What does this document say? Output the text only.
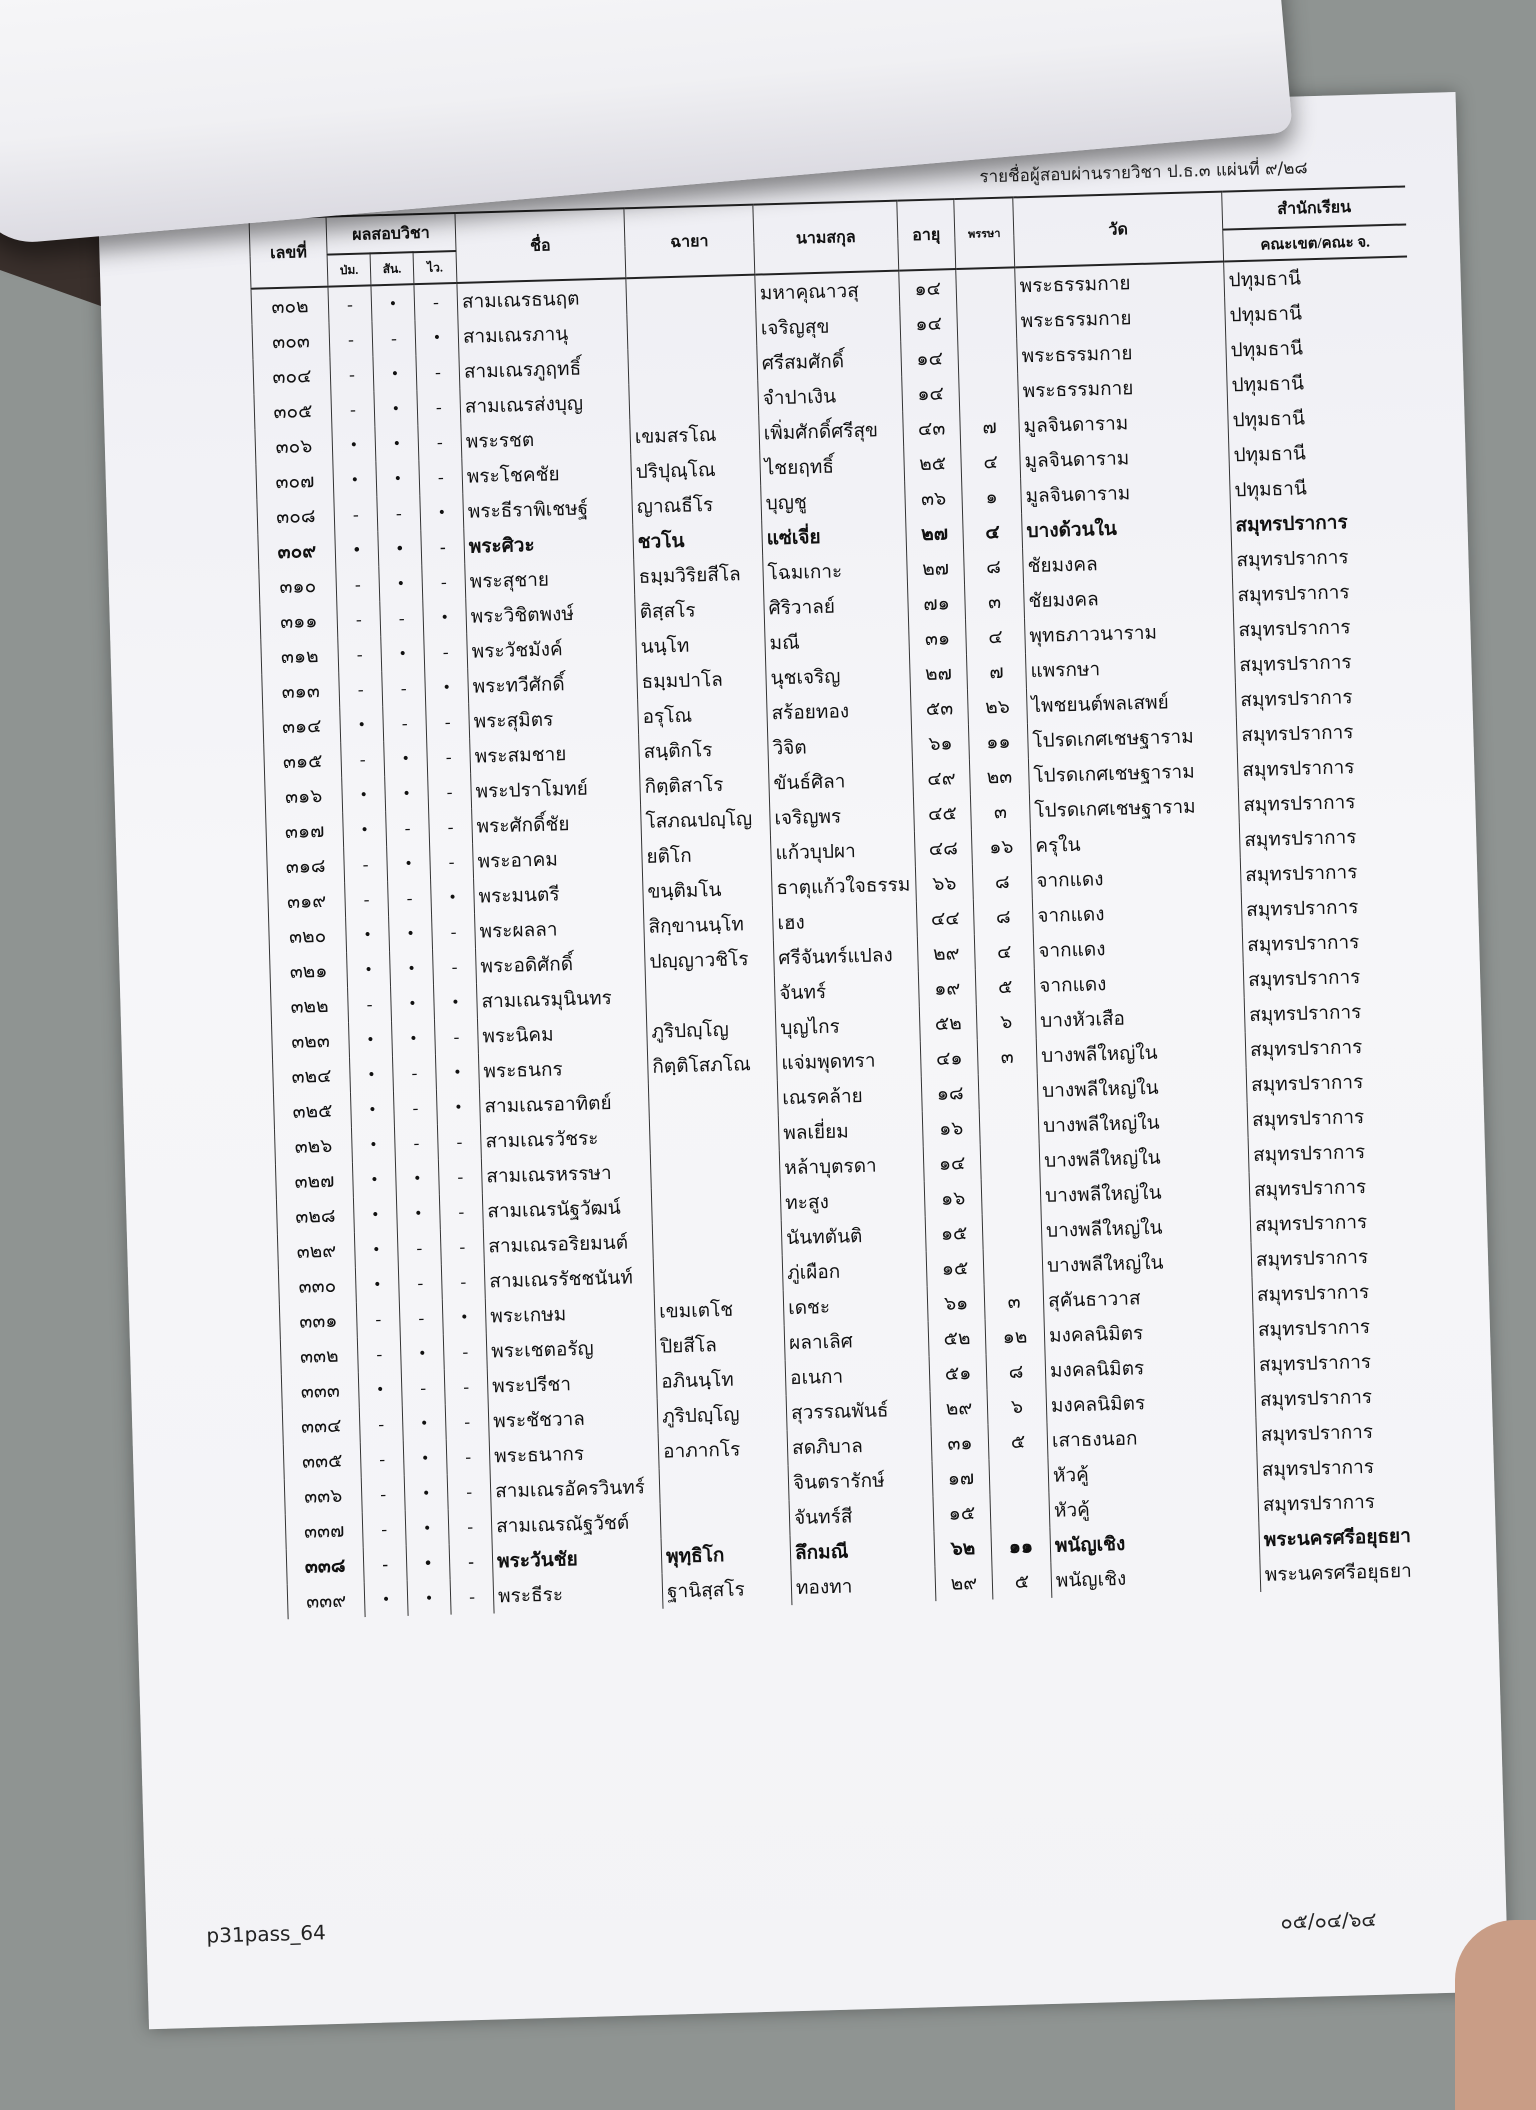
รายชื่อผู้สอบผ่านรายวิชา ป.ธ.๓ แผ่นที่ ๙/๒๘
เลขที่	ผลสอบวิชา			ชื่อ	ฉายา	นามสกุล	อายุ	พรรษา	วัด	สำนักเรียน
	ป่ม.	สัน.	ไว.							คณะเขต/คณะ จ.
๓๐๒	-	•	-	สามเณรธนฤต		มหาคุณาวสุ	๑๔		พระธรรมกาย	ปทุมธานี
๓๐๓	-	-	•	สามเณรภานุ		เจริญสุข	๑๔		พระธรรมกาย	ปทุมธานี
๓๐๔	-	•	-	สามเณรภูฤทธิ์		ศรีสมศักดิ์	๑๔		พระธรรมกาย	ปทุมธานี
๓๐๕	-	•	-	สามเณรส่งบุญ		จำปาเงิน	๑๔		พระธรรมกาย	ปทุมธานี
๓๐๖	•	•	-	พระรชต	เขมสรโณ	เพิ่มศักดิ์ศรีสุข	๔๓	๗	มูลจินดาราม	ปทุมธานี
๓๐๗	•	•	-	พระโชคชัย	ปริปุณฺโณ	ไชยฤทธิ์	๒๕	๔	มูลจินดาราม	ปทุมธานี
๓๐๘	-	-	•	พระธีราพิเชษฐ์	ญาณธีโร	บุญชู	๓๖	๑	มูลจินดาราม	ปทุมธานี
๓๐๙	•	•	-	พระศิวะ	ชวโน	แซ่เจี่ย	๒๗	๔	บางด้วนใน	สมุทรปราการ
๓๑๐	-	•	-	พระสุชาย	ธมฺมวิริยสีโล	โฉมเกาะ	๒๗	๘	ชัยมงคล	สมุทรปราการ
๓๑๑	-	-	•	พระวิชิตพงษ์	ติสฺสโร	ศิริวาลย์	๗๑	๓	ชัยมงคล	สมุทรปราการ
๓๑๒	-	•	-	พระวัชมังค์	นนฺโท	มณี	๓๑	๔	พุทธภาวนาราม	สมุทรปราการ
๓๑๓	-	-	•	พระทวีศักดิ์	ธมฺมปาโล	นุชเจริญ	๒๗	๗	แพรกษา	สมุทรปราการ
๓๑๔	•	-	-	พระสุมิตร	อรุโณ	สร้อยทอง	๕๓	๒๖	ไพชยนต์พลเสพย์	สมุทรปราการ
๓๑๕	-	•	-	พระสมชาย	สนฺติกโร	วิจิต	๖๑	๑๑	โปรดเกศเชษฐาราม	สมุทรปราการ
๓๑๖	•	•	-	พระปราโมทย์	กิตฺติสาโร	ขันธ์ศิลา	๔๙	๒๓	โปรดเกศเชษฐาราม	สมุทรปราการ
๓๑๗	•	-	-	พระศักดิ์ชัย	โสภณปญฺโญ	เจริญพร	๔๕	๓	โปรดเกศเชษฐาราม	สมุทรปราการ
๓๑๘	-	•	-	พระอาคม	ยติโก	แก้วบุปผา	๔๘	๑๖	ครุใน	สมุทรปราการ
๓๑๙	-	-	•	พระมนตรี	ขนฺติมโน	ธาตุแก้วใจธรรม	๖๖	๘	จากแดง	สมุทรปราการ
๓๒๐	•	•	-	พระผลลา	สิกฺขานนฺโท	เฮง	๔๔	๘	จากแดง	สมุทรปราการ
๓๒๑	•	•	-	พระอดิศักดิ์	ปญฺญาวชิโร	ศรีจันทร์แปลง	๒๙	๔	จากแดง	สมุทรปราการ
๓๒๒	-	•	•	สามเณรมุนินทร		จันทร์	๑๙	๕	จากแดง	สมุทรปราการ
๓๒๓	•	•	-	พระนิคม	ภูริปญฺโญ	บุญไกร	๕๒	๖	บางหัวเสือ	สมุทรปราการ
๓๒๔	•	-	•	พระธนกร	กิตฺติโสภโณ	แจ่มพุดทรา	๔๑	๓	บางพลีใหญ่ใน	สมุทรปราการ
๓๒๕	•	-	•	สามเณรอาทิตย์		เณรคล้าย	๑๘		บางพลีใหญ่ใน	สมุทรปราการ
๓๒๖	•	-	-	สามเณรวัชระ		พลเยี่ยม	๑๖		บางพลีใหญ่ใน	สมุทรปราการ
๓๒๗	•	•	-	สามเณรหรรษา		หล้าบุตรดา	๑๔		บางพลีใหญ่ใน	สมุทรปราการ
๓๒๘	•	•	-	สามเณรนัฐวัฒน์		ทะสูง	๑๖		บางพลีใหญ่ใน	สมุทรปราการ
๓๒๙	•	-	-	สามเณรอริยมนต์		นันทตันติ	๑๕		บางพลีใหญ่ใน	สมุทรปราการ
๓๓๐	•	-	-	สามเณรรัชชนันท์		ภู่เผือก	๑๕		บางพลีใหญ่ใน	สมุทรปราการ
๓๓๑	-	-	•	พระเกษม	เขมเตโช	เดชะ	๖๑	๓	สุคันธาวาส	สมุทรปราการ
๓๓๒	-	•	-	พระเชตอรัญ	ปิยสีโล	ผลาเลิศ	๕๒	๑๒	มงคลนิมิตร	สมุทรปราการ
๓๓๓	•	-	-	พระปรีชา	อภินนฺโท	อเนกา	๕๑	๘	มงคลนิมิตร	สมุทรปราการ
๓๓๔	-	•	-	พระชัชวาล	ภูริปญฺโญ	สุวรรณพันธ์	๒๙	๖	มงคลนิมิตร	สมุทรปราการ
๓๓๕	-	•	-	พระธนากร	อาภากโร	สดภิบาล	๓๑	๕	เสาธงนอก	สมุทรปราการ
๓๓๖	-	•	-	สามเณรอัครวินทร์		จินตรารักษ์	๑๗		หัวคู้	สมุทรปราการ
๓๓๗	-	•	-	สามเณรณัฐวัชต์		จันทร์สี	๑๕		หัวคู้	สมุทรปราการ
๓๓๘	-	•	-	พระวันชัย	พุทฺธิโก	ลึกมณี	๖๒	๑๑	พนัญเชิง	พระนครศรีอยุธยา
๓๓๙	•	•	-	พระธีระ	ฐานิสฺสโร	ทองทา	๒๙	๕	พนัญเชิง	พระนครศรีอยุธยา
p31pass_64
๐๕/๐๔/๖๔
